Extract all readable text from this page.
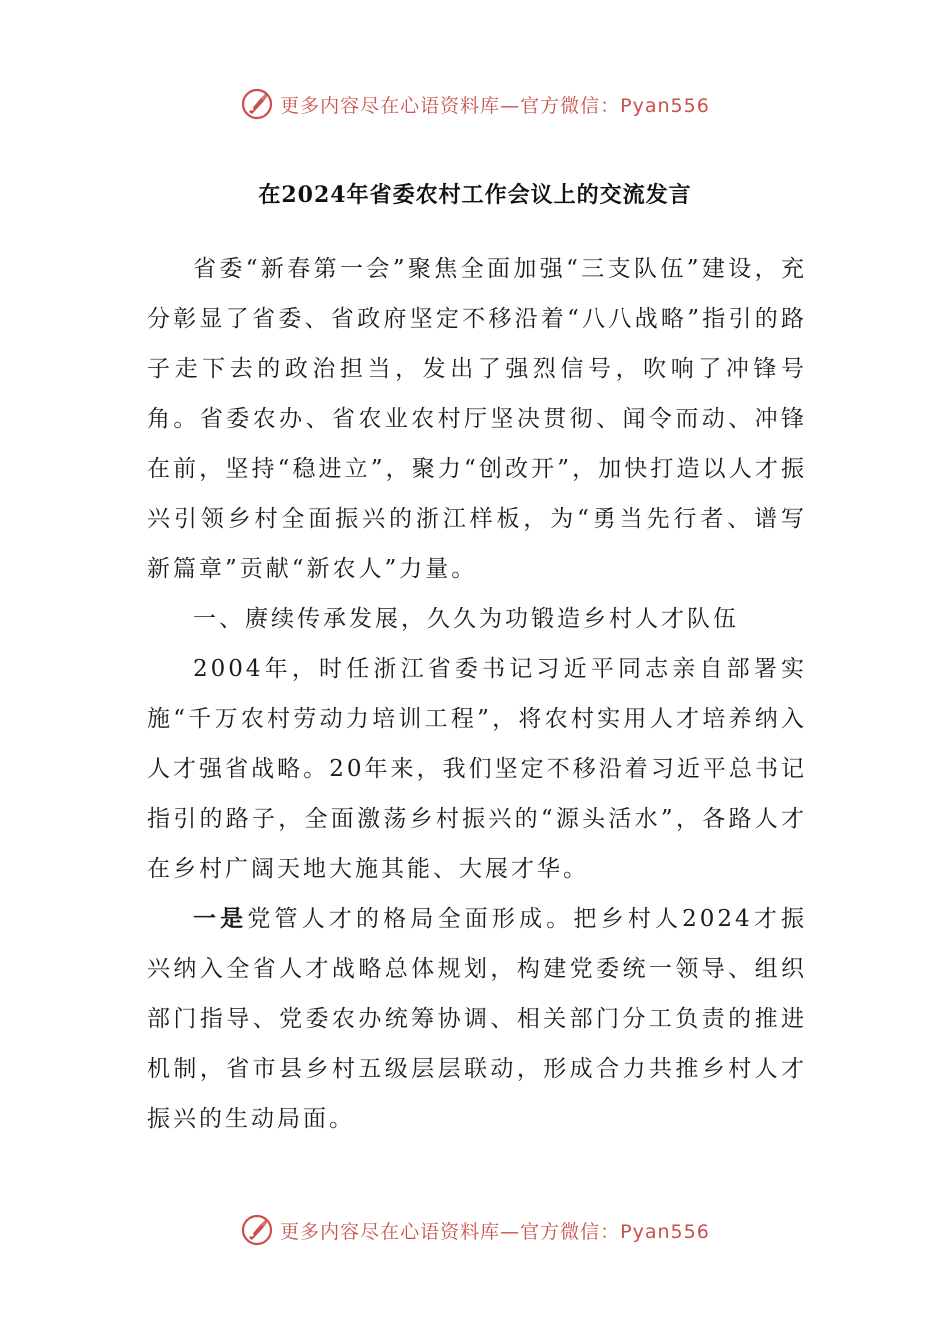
更多内容尽在心语资料库—官方微信：Pyan556
在2024年省委农村工作会议上的交流发言

省委“新春第一会”聚焦全面加强“三支队伍”建设，充分彰显了省委、省政府坚定不移沿着“八八战略”指引的路子走下去的政治担当，发出了强烈信号，吹响了冲锋号角。省委农办、省农业农村厅坚决贯彻、闻令而动、冲锋在前，坚持“稳进立”，聚力“创改开”，加快打造以人才振兴引领乡村全面振兴的浙江样板，为“勇当先行者、谱写新篇章”贡献“新农人”力量。

一、赓续传承发展，久久为功锻造乡村人才队伍

2004年，时任浙江省委书记习近平同志亲自部署实施“千万农村劳动力培训工程”，将农村实用人才培养纳入人才强省战略。20年来，我们坚定不移沿着习近平总书记指引的路子，全面激荡乡村振兴的“源头活水”，各路人才在乡村广阔天地大施其能、大展才华。

一是党管人才的格局全面形成。把乡村人2024才振兴纳入全省人才战略总体规划，构建党委统一领导、组织部门指导、党委农办统筹协调、相关部门分工负责的推进机制，省市县乡村五级层层联动，形成合力共推乡村人才振兴的生动局面。

更多内容尽在心语资料库—官方微信：Pyan556
